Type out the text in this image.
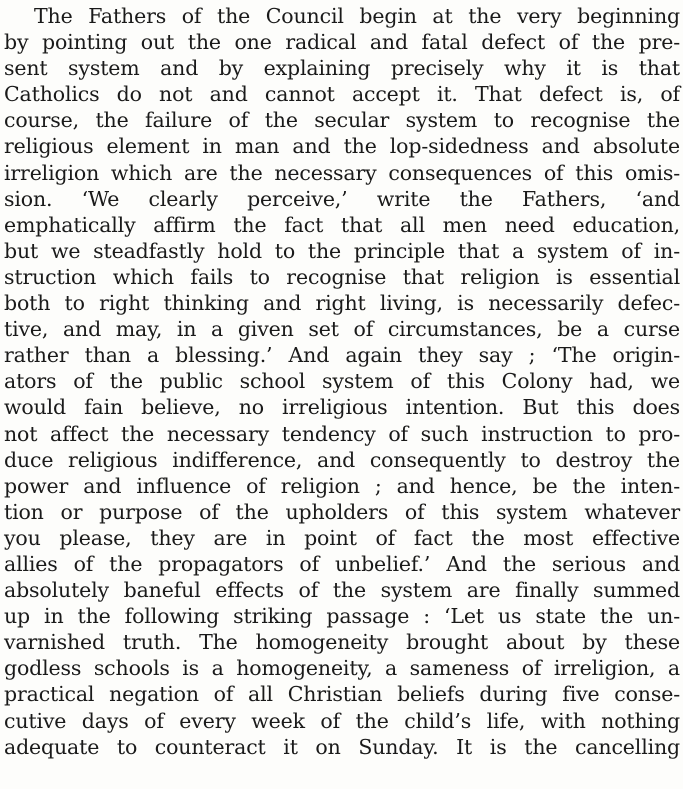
The Fathers of the Council begin at the very beginning
by pointing out the one radical and fatal defect of the pre-
sent system and by explaining precisely why it is that
Catholics do not and cannot accept it. That defect is, of
course, the failure of the secular system to recognise the
religious element in man and the lop-sidedness and absolute
irreligion which are the necessary consequences of this omis-
sion. ‘We clearly perceive,’ write the Fathers, ‘and
emphatically affirm the fact that all men need education,
but we steadfastly hold to the principle that a system of in-
struction which fails to recognise that religion is essential
both to right thinking and right living, is necessarily defec-
tive, and may, in a given set of circumstances, be a curse
rather than a blessing.’ And again they say ; ‘The origin-
ators of the public school system of this Colony had, we
would fain believe, no irreligious intention. But this does
not affect the necessary tendency of such instruction to pro-
duce religious indifference, and consequently to destroy the
power and influence of religion ; and hence, be the inten-
tion or purpose of the upholders of this system whatever
you please, they are in point of fact the most effective
allies of the propagators of unbelief.’ And the serious and
absolutely baneful effects of the system are finally summed
up in the following striking passage : ‘Let us state the un-
varnished truth. The homogeneity brought about by these
godless schools is a homogeneity, a sameness of irreligion, a
practical negation of all Christian beliefs during five conse-
cutive days of every week of the child’s life, with nothing
adequate to counteract it on Sunday. It is the cancelling
